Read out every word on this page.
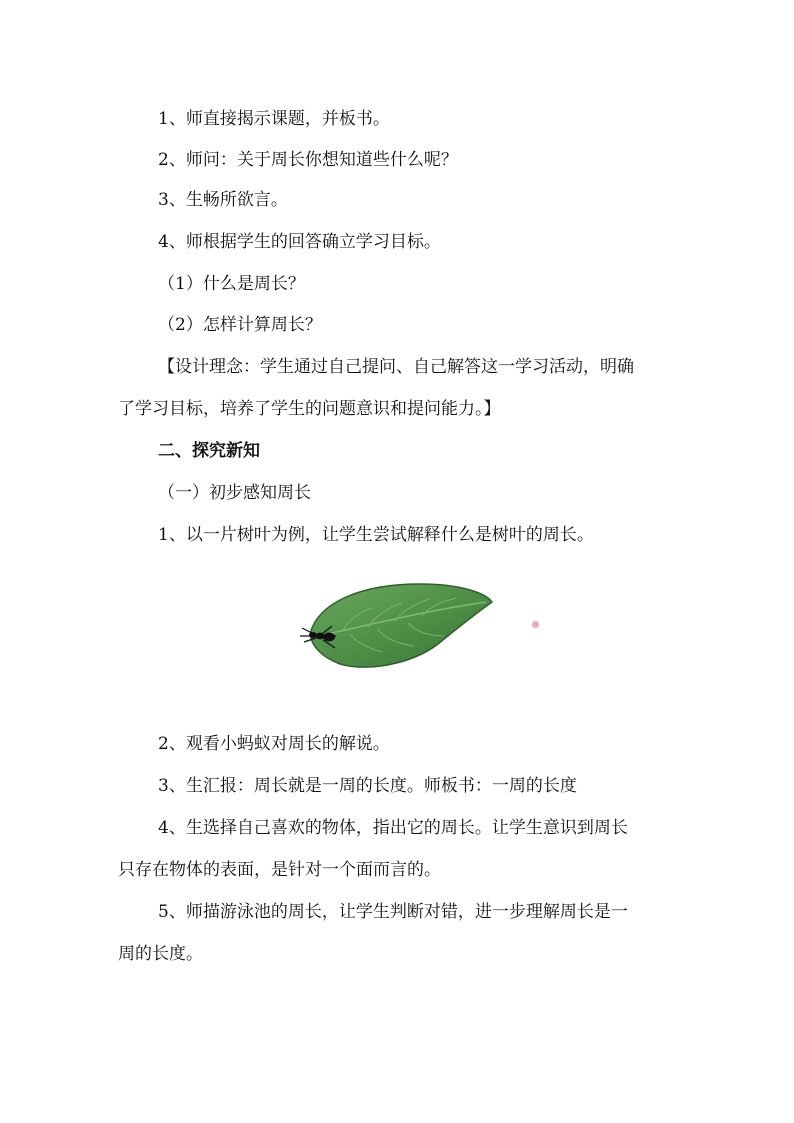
1、师直接揭示课题，并板书。
2、师问：关于周长你想知道些什么呢？
3、生畅所欲言。
4、师根据学生的回答确立学习目标。
（1）什么是周长？
（2）怎样计算周长？
【设计理念：学生通过自己提问、自己解答这一学习活动，明确
了学习目标，培养了学生的问题意识和提问能力。】
二、探究新知
（一）初步感知周长
1、以一片树叶为例，让学生尝试解释什么是树叶的周长。
2、观看小蚂蚁对周长的解说。
3、生汇报：周长就是一周的长度。师板书：一周的长度
4、生选择自己喜欢的物体，指出它的周长。让学生意识到周长
只存在物体的表面，是针对一个面而言的。
5、师描游泳池的周长，让学生判断对错，进一步理解周长是一
周的长度。
